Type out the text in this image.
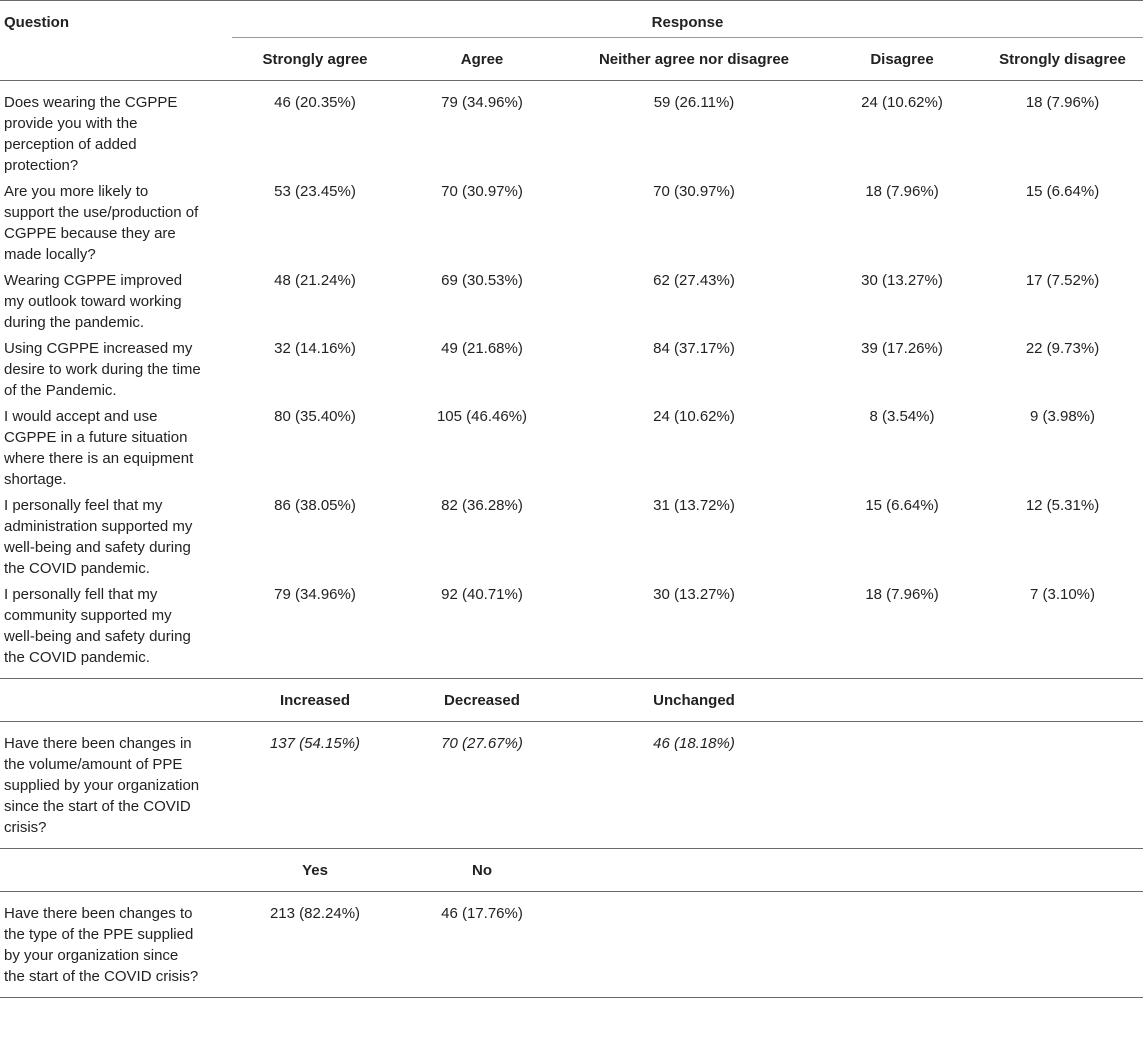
Question	Response				
	Strongly agree	Agree	Neither agree nor disagree	Disagree	Strongly disagree
Does wearing the CGPPE provide you with the perception of added protection?	46 (20.35%)	79 (34.96%)	59 (26.11%)	24 (10.62%)	18 (7.96%)
Are you more likely to support the use/production of CGPPE because they are made locally?	53 (23.45%)	70 (30.97%)	70 (30.97%)	18 (7.96%)	15 (6.64%)
Wearing CGPPE improved my outlook toward working during the pandemic.	48 (21.24%)	69 (30.53%)	62 (27.43%)	30 (13.27%)	17 (7.52%)
Using CGPPE increased my desire to work during the time of the Pandemic.	32 (14.16%)	49 (21.68%)	84 (37.17%)	39 (17.26%)	22 (9.73%)
I would accept and use CGPPE in a future situation where there is an equipment shortage.	80 (35.40%)	105 (46.46%)	24 (10.62%)	8 (3.54%)	9 (3.98%)
I personally feel that my administration supported my well-being and safety during the COVID pandemic.	86 (38.05%)	82 (36.28%)	31 (13.72%)	15 (6.64%)	12 (5.31%)
I personally fell that my community supported my well-being and safety during the COVID pandemic.	79 (34.96%)	92 (40.71%)	30 (13.27%)	18 (7.96%)	7 (3.10%)
	Increased	Decreased	Unchanged		
Have there been changes in the volume/amount of PPE supplied by your organization since the start of the COVID crisis?	137 (54.15%)	70 (27.67%)	46 (18.18%)		
	Yes	No			
Have there been changes to the type of the PPE supplied by your organization since the start of the COVID crisis?	213 (82.24%)	46 (17.76%)			
